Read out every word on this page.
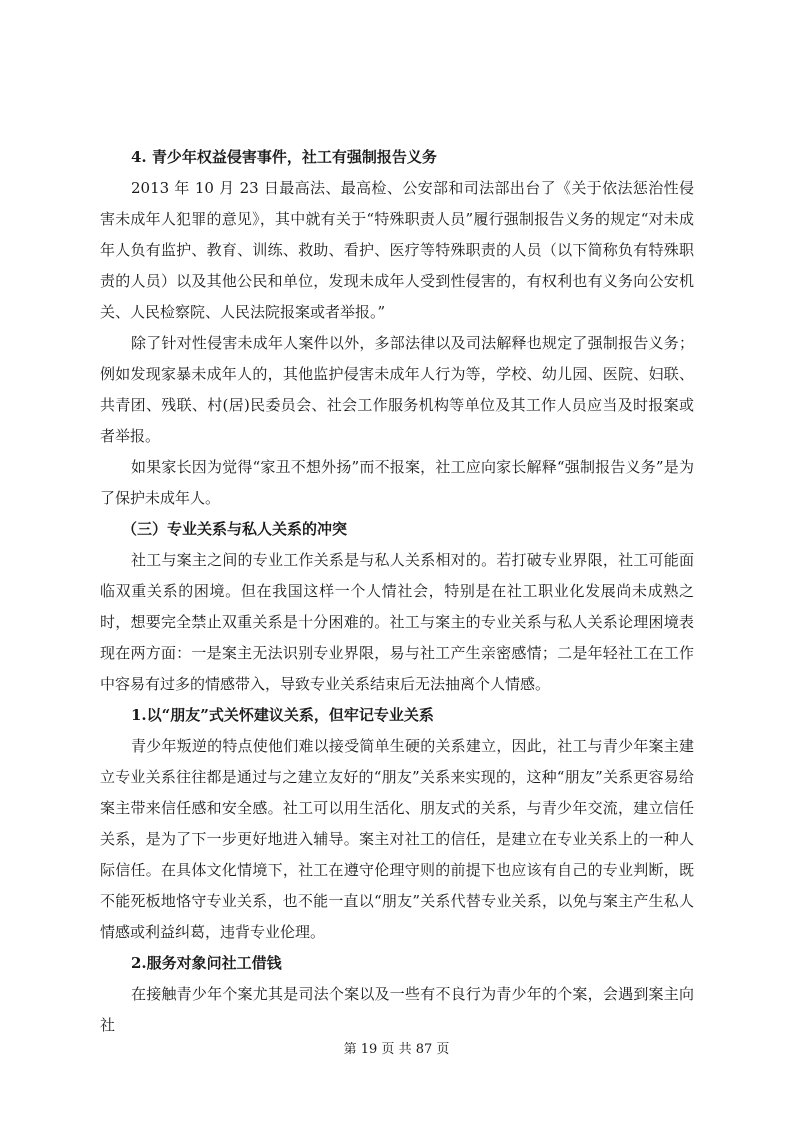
4. 青少年权益侵害事件，社工有强制报告义务

2013 年 10 月 23 日最高法、最高检、公安部和司法部出台了《关于依法惩治性侵害未成年人犯罪的意见》，其中就有关于“特殊职责人员”履行强制报告义务的规定“对未成年人负有监护、教育、训练、救助、看护、医疗等特殊职责的人员（以下简称负有特殊职责的人员）以及其他公民和单位，发现未成年人受到性侵害的，有权利也有义务向公安机关、人民检察院、人民法院报案或者举报。”

除了针对性侵害未成年人案件以外，多部法律以及司法解释也规定了强制报告义务；例如发现家暴未成年人的，其他监护侵害未成年人行为等，学校、幼儿园、医院、妇联、共青团、残联、村(居)民委员会、社会工作服务机构等单位及其工作人员应当及时报案或者举报。

如果家长因为觉得“家丑不想外扬”而不报案，社工应向家长解释“强制报告义务”是为了保护未成年人。

（三）专业关系与私人关系的冲突

社工与案主之间的专业工作关系是与私人关系相对的。若打破专业界限，社工可能面临双重关系的困境。但在我国这样一个人情社会，特别是在社工职业化发展尚未成熟之时，想要完全禁止双重关系是十分困难的。社工与案主的专业关系与私人关系论理困境表现在两方面：一是案主无法识别专业界限，易与社工产生亲密感情；二是年轻社工在工作中容易有过多的情感带入，导致专业关系结束后无法抽离个人情感。

1.以“朋友”式关怀建议关系，但牢记专业关系

青少年叛逆的特点使他们难以接受简单生硬的关系建立，因此，社工与青少年案主建立专业关系往往都是通过与之建立友好的“朋友”关系来实现的，这种“朋友”关系更容易给案主带来信任感和安全感。社工可以用生活化、朋友式的关系，与青少年交流，建立信任关系，是为了下一步更好地进入辅导。案主对社工的信任，是建立在专业关系上的一种人际信任。在具体文化情境下，社工在遵守伦理守则的前提下也应该有自己的专业判断，既不能死板地恪守专业关系，也不能一直以“朋友”关系代替专业关系，以免与案主产生私人情感或利益纠葛，违背专业伦理。

2.服务对象问社工借钱

在接触青少年个案尤其是司法个案以及一些有不良行为青少年的个案，会遇到案主向社

第 19 页 共 87 页
